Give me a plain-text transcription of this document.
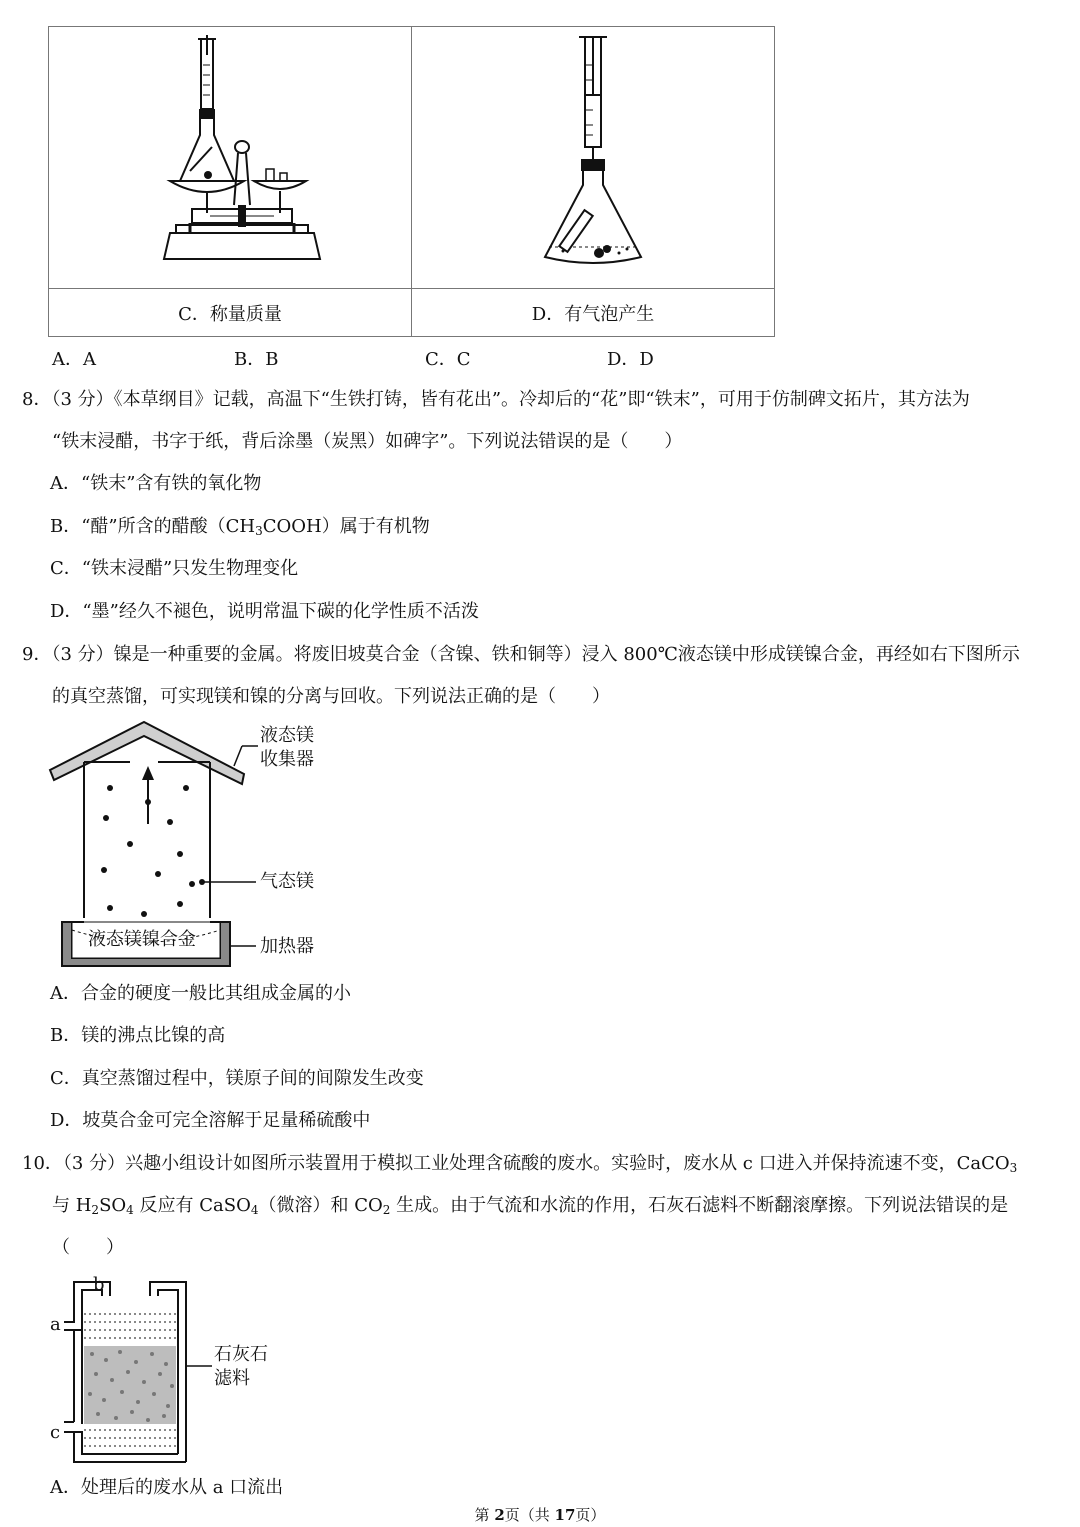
C．称量质量	D．有气泡产生
A．A	B．B	C．C	D．D
8．（3 分）《本草纲目》记载，高温下“生铁打铸，皆有花出”。冷却后的“花”即“铁末”，可用于仿制碑文拓片，其方法为
“铁末浸醋，书字于纸，背后涂墨（炭黑）如碑字”。下列说法错误的是（　　）
A．“铁末”含有铁的氧化物
B．“醋”所含的醋酸$(CH_3COOH)$属于有机物
C．“铁末浸醋”只发生物理变化
D．“墨”经久不褪色，说明常温下碳的化学性质不活泼
9．（3 分）镍是一种重要的金属。将废旧坡莫合金（含镍、铁和铜等）浸入 800℃液态镁中形成镁镍合金，再经如右下图所示
的真空蒸馏，可实现镁和镍的分离与回收。下列说法正确的是（　　）
液态镁
收集器
气态镁
液态镁镍合金	加热器
A．合金的硬度一般比其组成金属的小
B．镁的沸点比镍的高
C．真空蒸馏过程中，镁原子间的间隙发生改变
D．坡莫合金可完全溶解于足量稀硫酸中
10．（3 分）兴趣小组设计如图所示装置用于模拟工业处理含硫酸的废水。实验时，废水从 c 口进入并保持流速不变，CaCO$_3$
与 $H_2SO_4$ 反应有 CaSO$_4$（微溶）和 $CO_2$ 生成。由于气流和水流的作用，石灰石滤料不断翻滚摩擦。下列说法错误的是
（　　）
a
b
c
石灰石
滤料
A．处理后的废水从 a 口流出
第 2页（共 17页）
